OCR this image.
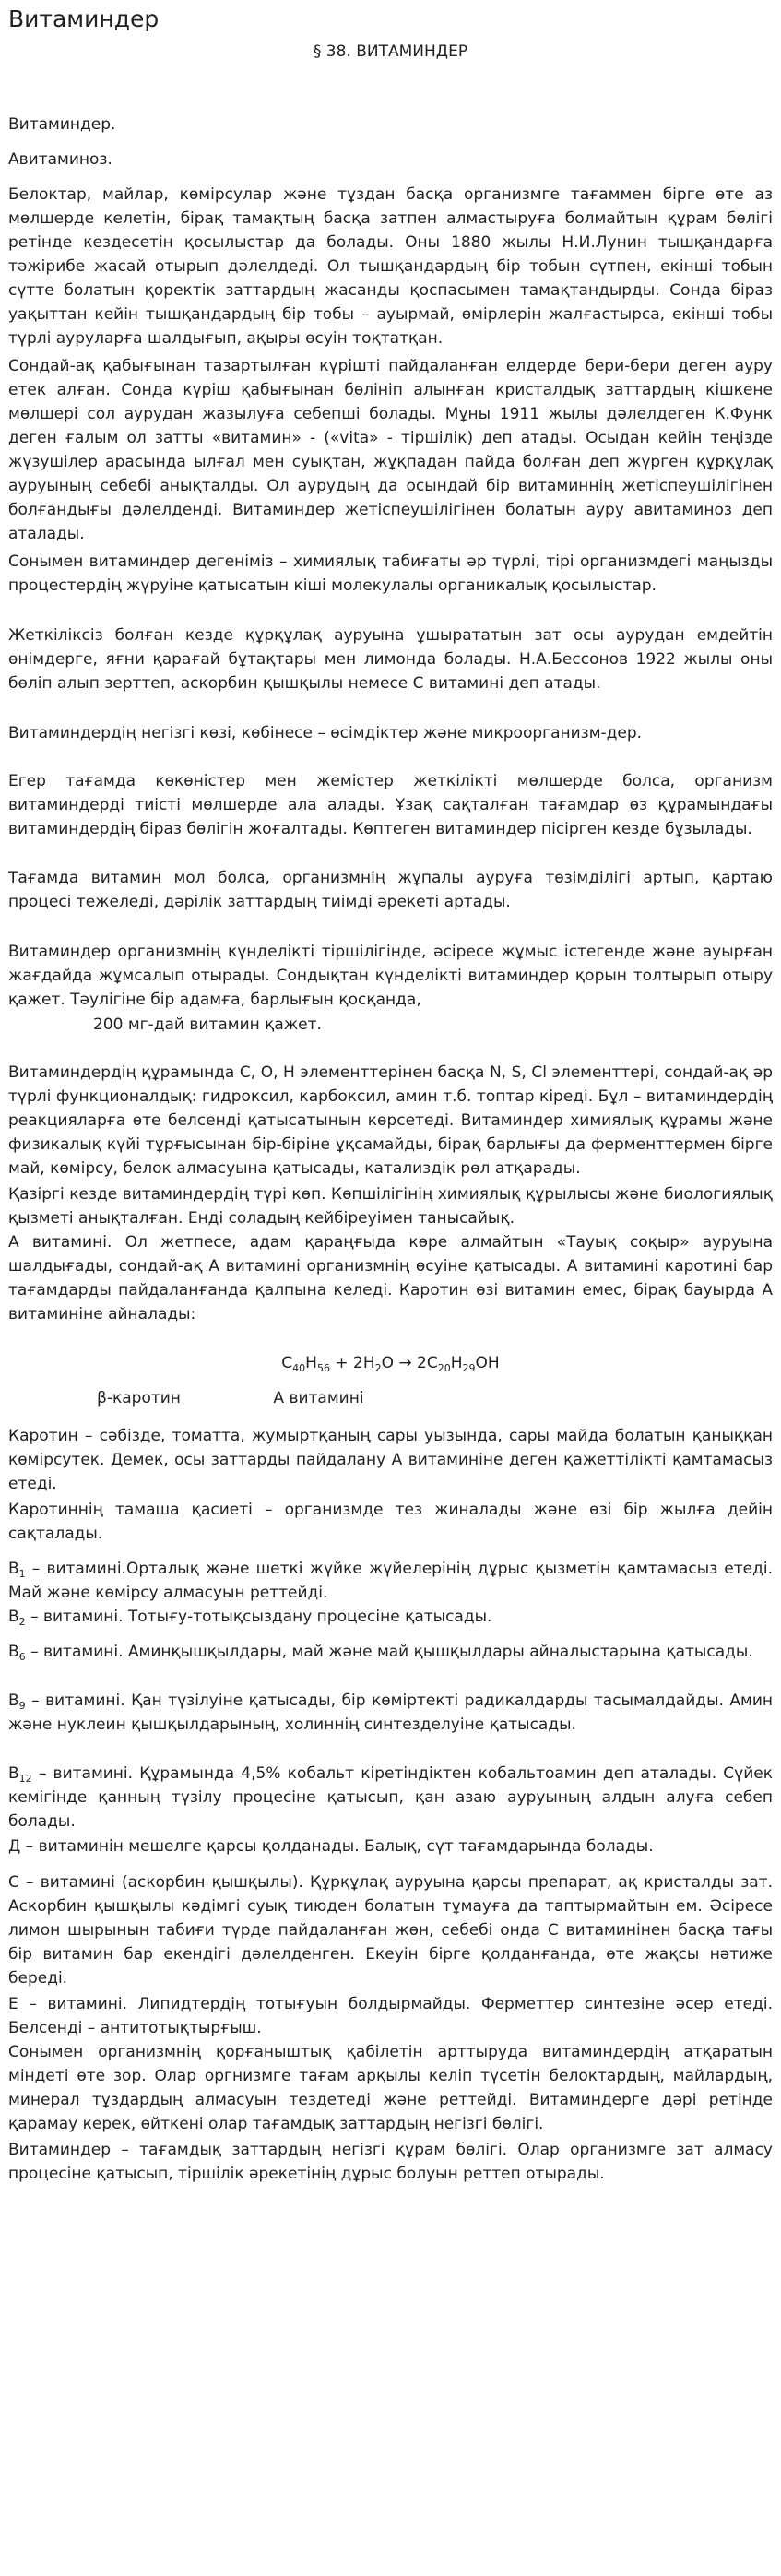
Витаминдер
§ 38. ВИТАМИНДЕР

Витаминдер.

Авитаминоз.

Белоктар, майлар, көмірсулар және тұздан басқа организмге тағаммен бірге өте аз мөлшерде келетін, бірақ тамақтың басқа затпен алмастыруға болмайтын құрам бөлігі ретінде кездесетін қосылыстар да болады. Оны 1880 жылы Н.И.Лунин тышқандарға тәжірибе жасай отырып дәлелдеді. Ол тышқандардың бір тобын сүтпен, екінші тобын сүтте болатын қоректік заттардың жасанды қоспасымен тамақтандырды. Сонда біраз уақыттан кейін тышқандардың бір тобы – ауырмай, өмірлерін жалғастырса, екінші тобы түрлі ауруларға шалдығып, ақыры өсуін тоқтатқан.

Сондай-ақ қабығынан тазартылған күрішті пайдаланған елдерде бери-бери деген ауру етек алған. Сонда күріш қабығынан бөлініп алынған кристалдық заттардың кішкене мөлшері сол аурудан жазылуға себепші болады. Мұны 1911 жылы дәлелдеген К.Функ деген ғалым ол затты «витамин» - («vita» - тіршілік) деп атады. Осыдан кейін теңізде жүзушілер арасында ылғал мен суықтан, жұқпадан пайда болған деп жүрген құрқұлақ ауруының себебі анықталды. Ол аурудың да осындай бір витаминнің жетіспеушілігінен болғандығы дәлелденді. Витаминдер жетіспеушілігінен болатын ауру авитаминоз деп аталады.

Сонымен витаминдер дегеніміз – химиялық табиғаты әр түрлі, тірі организмдегі маңызды процестердің жүруіне қатысатын кіші молекулалы органикалық қосылыстар.

Жеткіліксіз болған кезде құрқұлақ ауруына ұшырататын зат осы аурудан емдейтін өнімдерге, яғни қарағай бұтақтары мен лимонда болады. Н.А.Бессонов 1922 жылы оны бөліп алып зерттеп, аскорбин қышқылы немесе С витамині деп атады.

Витаминдердің негізгі көзі, көбінесе – өсімдіктер және микроорганизм-дер.

Егер тағамда көкөністер мен жемістер жеткілікті мөлшерде болса, организм витаминдерді тиісті мөлшерде ала алады. Ұзақ сақталған тағамдар өз құрамындағы витаминдердің біраз бөлігін жоғалтады. Көптеген витаминдер пісірген кезде бұзылады.

Тағамда витамин мол болса, организмнің жұпалы ауруға төзімділігі артып, қартаю процесі тежеледі, дәрілік заттардың тиімді әрекеті артады.

Витаминдер организмнің күнделікті тіршілігінде, әсіресе жұмыс істегенде және ауырған жағдайда жұмсалып отырады. Сондықтан күнделікті витаминдер қорын толтырып отыру қажет. Тәулігіне бір адамға, барлығын қосқанда,

200 мг-дай витамин қажет.

Витаминдердің құрамында С, О, Н элементтерінен басқа N, S, Cl элементтері, сондай-ақ әр түрлі функционалдық: гидроксил, карбоксил, амин т.б. топтар кіреді. Бұл – витаминдердің реакцияларға өте белсенді қатысатынын көрсетеді. Витаминдер химиялық құрамы және физикалық күйі тұрғысынан бір-біріне ұқсамайды, бірақ барлығы да ферменттермен бірге май, көмірсу, белок алмасуына қатысады, катализдік рөл атқарады.

Қазіргі кезде витаминдердің түрі көп. Көпшілігінің химиялық құрылысы және биологиялық қызметі анықталған. Енді соладың кейбіреуімен танысайық.

А витамині. Ол жетпесе, адам қараңғыда көре алмайтын «Тауық соқыр» ауруына шалдығады, сондай-ақ А витамині организмнің өсуіне қатысады. А витамині каротині бар тағамдарды пайдаланғанда қалпына келеді. Каротин өзі витамин емес, бірақ бауырда А витаминіне айналады:

$C_{40}H_{56} + 2H_2O \to 2C_{20}H_{29}OH$
β-каротин	А витамині

Каротин – сәбізде, томатта, жумыртқаның сары уызында, сары майда болатын қаныққан көмірсутек. Демек, осы заттарды пайдалану А витаминіне деген қажеттілікті қамтамасыз етеді.

Каротиннің тамаша қасиеті – организмде тез жиналады және өзі бір жылға дейін сақталады.

$В_1$ – витамині.Орталық және шеткі жүйке жүйелерінің дұрыс қызметін қамтамасыз етеді. Май және көмірсу алмасуын реттейді.

$В_2$ – витамині. Тотығу-тотықсыздану процесіне қатысады.

$В_6$ – витамині. Аминқышқылдары, май және май қышқылдары айналыстарына қатысады.

$В_9$ – витамині. Қан түзілуіне қатысады, бір көміртекті радикалдарды тасымалдайды. Амин және нуклеин қышқылдарының, холиннің синтезделуіне қатысады.

$В_{12}$ – витамині. Құрамында 4,5% кобальт кіретіндіктен кобальтоамин деп аталады. Сүйек кемігінде қанның түзілу процесіне қатысып, қан азаю ауруының алдын алуға себеп болады.

Д – витаминін мешелге қарсы қолданады. Балық, сүт тағамдарында болады.

С – витамині (аскорбин қышқылы). Құрқұлақ ауруына қарсы препарат, ақ кристалды зат. Аскорбин қышқылы кәдімгі суық тиюден болатын тұмауға да таптырмайтын ем. Әсіресе лимон шырынын табиғи түрде пайдаланған жөн, себебі онда С витаминінен басқа тағы бір витамин бар екендігі дәлелденген. Екеуін бірге қолданғанда, өте жақсы нәтиже береді.

Е – витамині. Липидтердің тотығуын болдырмайды. Ферметтер синтезіне әсер етеді. Белсенді – антитотықтырғыш.

Сонымен организмнің қорғаныштық қабілетін арттыруда витаминдердің атқаратын міндеті өте зор. Олар оргнизмге тағам арқылы келіп түсетін белоктардың, майлардың, минерал тұздардың алмасуын тездетеді және реттейді. Витаминдерге дәрі ретінде қарамау керек, өйткені олар тағамдық заттардың негізгі бөлігі.

Витаминдер – тағамдық заттардың негізгі құрам бөлігі. Олар организмге зат алмасу процесіне қатысып, тіршілік әрекетінің дұрыс болуын реттеп отырады.
